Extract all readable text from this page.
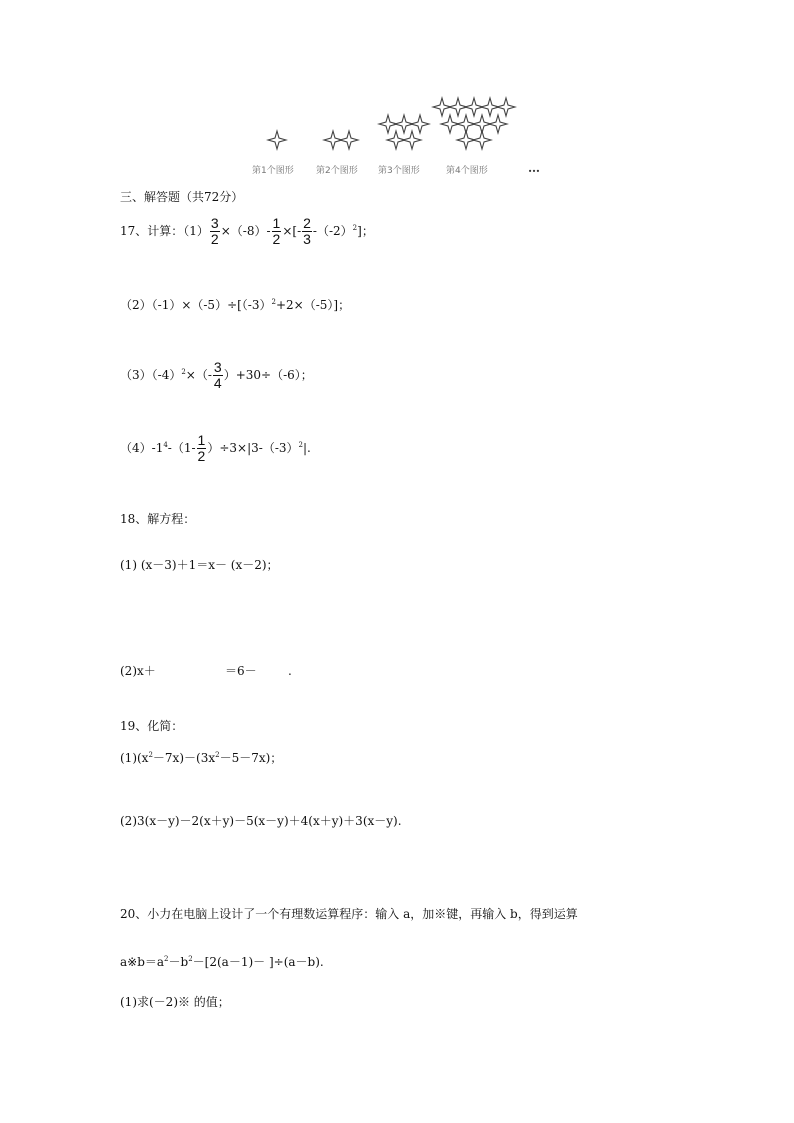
第1个图形 第2个图形 第3个图形	第4个图形	…
三、解答题（共72分）
17、计算：$(1) \frac{3}{2} \times(-8)- \frac{1}{2}$ ×[- $\frac{2}{3} -(-2)^2$]；
$(2)(-1)\times(-5)\div[(-3)^2+2\times(-5)]$；
$(3)(-4)^2\times(- \frac{3}{4} )+30\div(-6)$；
$(4)-1^4-(1- \frac{1}{2} )\div 3\times|3-(-3)^2|$.
18、解方程：
(1) (x－3)＋1＝x－ (x－2)；
(2)x＋	＝6－	.
19、化简：
$(1)(x^2-7x)-(3x^2-5-7x)$；
(2)3(x－y)－2(x＋y)－5(x－y)＋4(x＋y)＋3(x－y).
20、小力在电脑上设计了一个有理数运算程序：输入 a，加※键，再输入 b，得到运算
$a※b=a^2-b^2-[2(a-1)- ]\div(a-b)$.
(1)求(－2)※ 的值；
